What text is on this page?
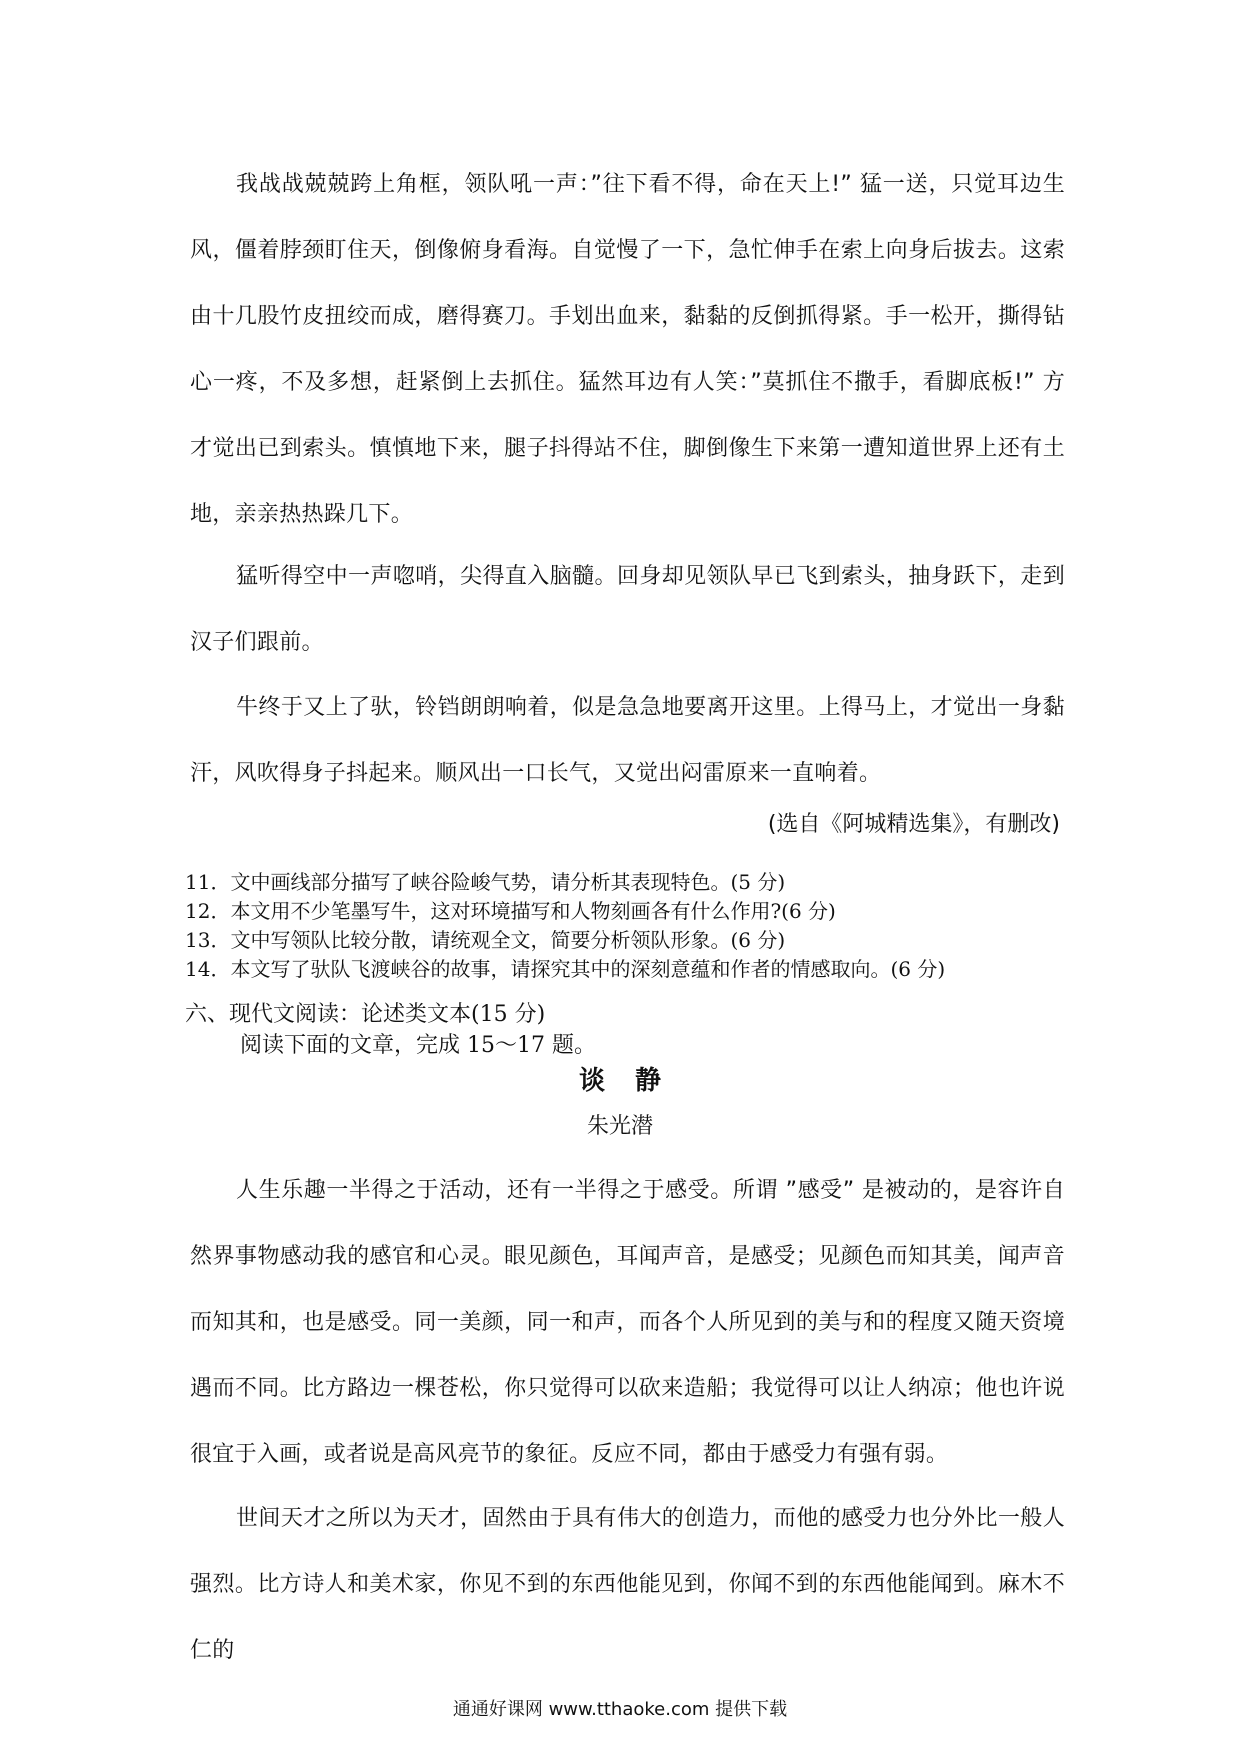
我战战兢兢跨上角框，领队吼一声：”往下看不得，命在天上!” 猛一送，只觉耳边生风，僵着脖颈盯住天，倒像俯身看海。自觉慢了一下，急忙伸手在索上向身后拔去。这索由十几股竹皮扭绞而成，磨得赛刀。手划出血来，黏黏的反倒抓得紧。手一松开，撕得钻心一疼，不及多想，赶紧倒上去抓住。猛然耳边有人笑：”莫抓住不撒手，看脚底板!” 方才觉出已到索头。慎慎地下来，腿子抖得站不住，脚倒像生下来第一遭知道世界上还有土地，亲亲热热跺几下。

猛听得空中一声唿哨，尖得直入脑髓。回身却见领队早已飞到索头，抽身跃下，走到汉子们跟前。

牛终于又上了驮，铃铛朗朗响着，似是急急地要离开这里。上得马上，才觉出一身黏汗，风吹得身子抖起来。顺风出一口长气，又觉出闷雷原来一直响着。

(选自《阿城精选集》，有删改)
11．文中画线部分描写了峡谷险峻气势，请分析其表现特色。(5 分)
12．本文用不少笔墨写牛，这对环境描写和人物刻画各有什么作用?(6 分)
13．文中写领队比较分散，请统观全文，简要分析领队形象。(6 分)
14．本文写了驮队飞渡峡谷的故事，请探究其中的深刻意蕴和作者的情感取向。(6 分)
六、现代文阅读：论述类文本(15 分)
阅读下面的文章，完成 15～17 题。
谈静
朱光潜

人生乐趣一半得之于活动，还有一半得之于感受。所谓 ”感受” 是被动的，是容许自然界事物感动我的感官和心灵。眼见颜色，耳闻声音，是感受；见颜色而知其美，闻声音而知其和，也是感受。同一美颜，同一和声，而各个人所见到的美与和的程度又随天资境遇而不同。比方路边一棵苍松，你只觉得可以砍来造船；我觉得可以让人纳凉；他也许说很宜于入画，或者说是高风亮节的象征。反应不同，都由于感受力有强有弱。

世间天才之所以为天才，固然由于具有伟大的创造力，而他的感受力也分外比一般人强烈。比方诗人和美术家，你见不到的东西他能见到，你闻不到的东西他能闻到。麻木不仁的

通通好课网 www.tthaoke.com 提供下载
